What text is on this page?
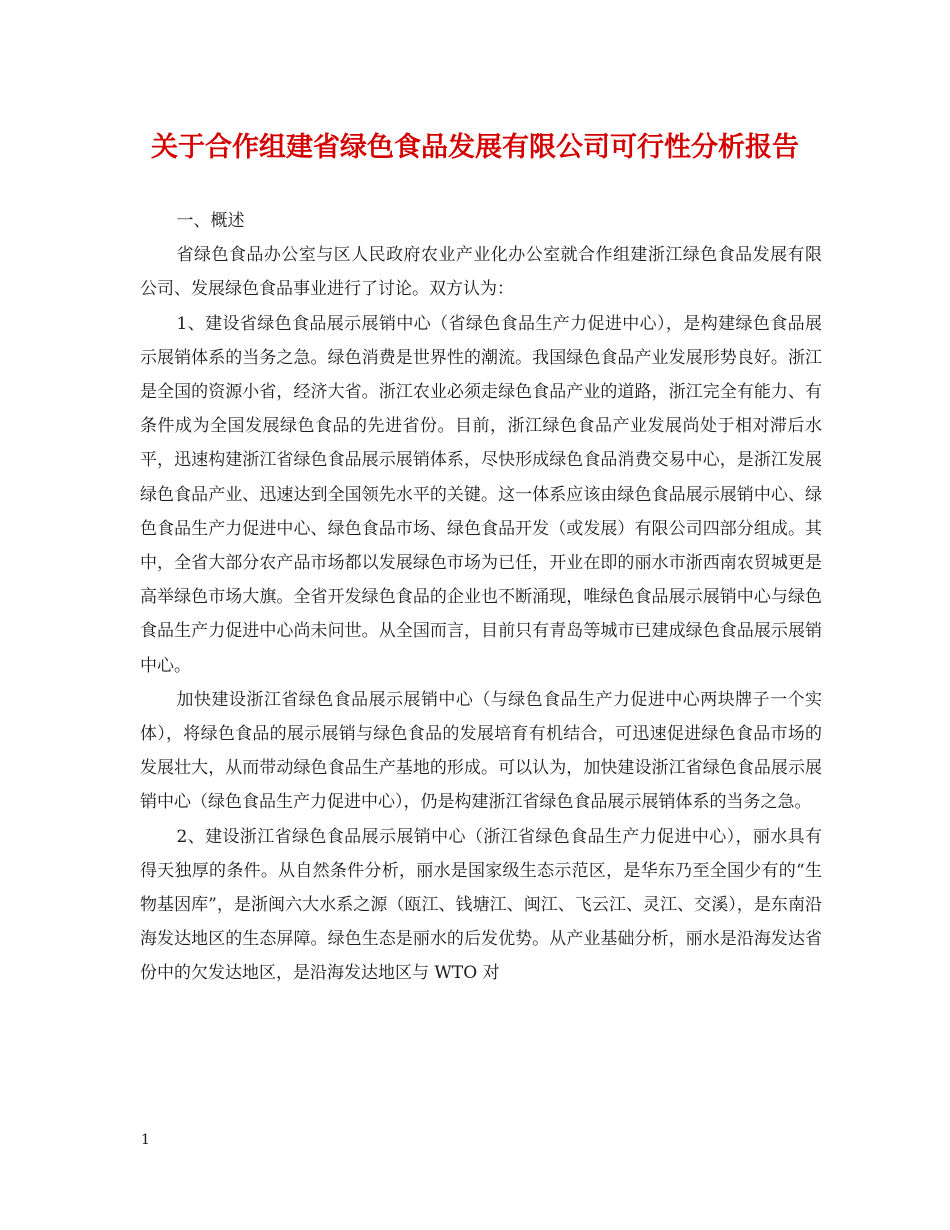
关于合作组建省绿色食品发展有限公司可行性分析报告

一、概述

省绿色食品办公室与区人民政府农业产业化办公室就合作组建浙江绿色食品发展有限公司、发展绿色食品事业进行了讨论。双方认为：

1、建设省绿色食品展示展销中心（省绿色食品生产力促进中心），是构建绿色食品展示展销体系的当务之急。绿色消费是世界性的潮流。我国绿色食品产业发展形势良好。浙江是全国的资源小省，经济大省。浙江农业必须走绿色食品产业的道路，浙江完全有能力、有条件成为全国发展绿色食品的先进省份。目前，浙江绿色食品产业发展尚处于相对滞后水平，迅速构建浙江省绿色食品展示展销体系，尽快形成绿色食品消费交易中心，是浙江发展绿色食品产业、迅速达到全国领先水平的关键。这一体系应该由绿色食品展示展销中心、绿色食品生产力促进中心、绿色食品市场、绿色食品开发（或发展）有限公司四部分组成。其中，全省大部分农产品市场都以发展绿色市场为已任，开业在即的丽水市浙西南农贸城更是高举绿色市场大旗。全省开发绿色食品的企业也不断涌现，唯绿色食品展示展销中心与绿色食品生产力促进中心尚未问世。从全国而言，目前只有青岛等城市已建成绿色食品展示展销中心。

加快建设浙江省绿色食品展示展销中心（与绿色食品生产力促进中心两块牌子一个实体），将绿色食品的展示展销与绿色食品的发展培育有机结合，可迅速促进绿色食品市场的发展壮大，从而带动绿色食品生产基地的形成。可以认为，加快建设浙江省绿色食品展示展销中心（绿色食品生产力促进中心），仍是构建浙江省绿色食品展示展销体系的当务之急。

2、建设浙江省绿色食品展示展销中心（浙江省绿色食品生产力促进中心），丽水具有得天独厚的条件。从自然条件分析，丽水是国家级生态示范区，是华东乃至全国少有的“生物基因库”，是浙闽六大水系之源（瓯江、钱塘江、闽江、飞云江、灵江、交溪），是东南沿海发达地区的生态屏障。绿色生态是丽水的后发优势。从产业基础分析，丽水是沿海发达省份中的欠发达地区，是沿海发达地区与 WTO 对

1
